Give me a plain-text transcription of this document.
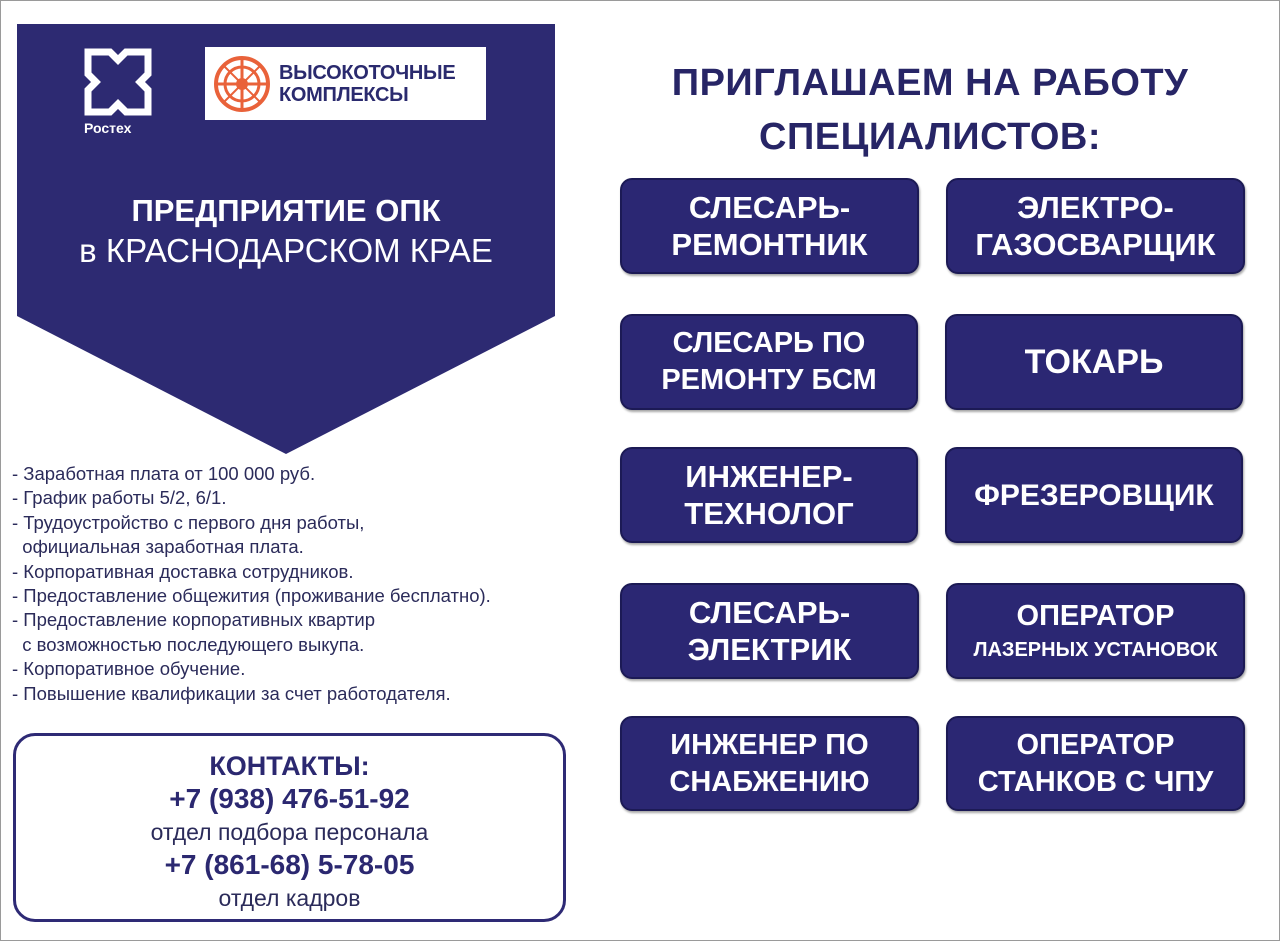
Ростех
ВЫСОКОТОЧНЫЕ
КОМПЛЕКСЫ
ПРЕДПРИЯТИЕ ОПК
в КРАСНОДАРСКОМ КРАЕ
- Заработная плата от 100 000 руб.
- График работы 5/2, 6/1.
- Трудоустройство с первого дня работы,
официальная заработная плата.
- Корпоративная доставка сотрудников.
- Предоставление общежития (проживание бесплатно).
- Предоставление корпоративных квартир
с возможностью последующего выкупа.
- Корпоративное обучение.
- Повышение квалификации за счет работодателя.
КОНТАКТЫ:
+7 (938) 476-51-92
отдел подбора персонала
+7 (861-68) 5-78-05
отдел кадров
ПРИГЛАШАЕМ НА РАБОТУ
СПЕЦИАЛИСТОВ:
СЛЕСАРЬ-
РЕМОНТНИК
ЭЛЕКТРО-
ГАЗОСВАРЩИК
СЛЕСАРЬ ПО
РЕМОНТУ БСМ	ТОКАРЬ
ИНЖЕНЕР-
ТЕХНОЛОГ
ФРЕЗЕРОВЩИК
СЛЕСАРЬ-
ЭЛЕКТРИК
ОПЕРАТОР
ЛАЗЕРНЫХ УСТАНОВОК
ИНЖЕНЕР ПО
СНАБЖЕНИЮ
ОПЕРАТОР
СТАНКОВ С ЧПУ
